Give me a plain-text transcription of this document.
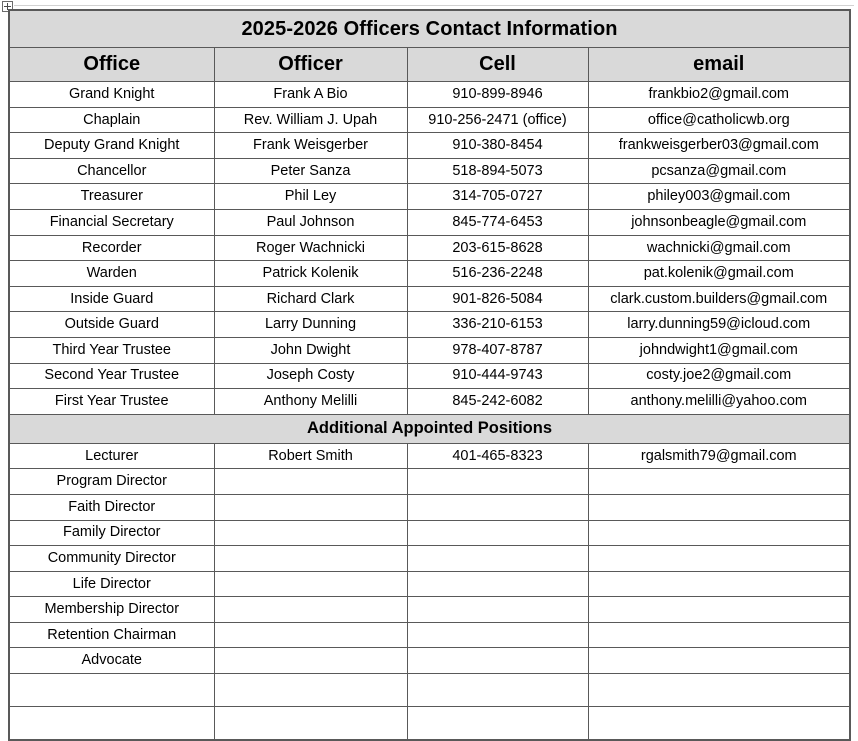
2025-2026 Officers Contact Information			
Office	Officer	Cell	email
Grand Knight	Frank A Bio	910-899-8946	frankbio2@gmail.com
Chaplain	Rev. William J. Upah	910-256-2471 (office)	office@catholicwb.org
Deputy Grand Knight	Frank Weisgerber	910-380-8454	frankweisgerber03@gmail.com
Chancellor	Peter Sanza	518-894-5073	pcsanza@gmail.com
Treasurer	Phil Ley	314-705-0727	philey003@gmail.com
Financial Secretary	Paul Johnson	845-774-6453	johnsonbeagle@gmail.com
Recorder	Roger Wachnicki	203-615-8628	wachnicki@gmail.com
Warden	Patrick Kolenik	516-236-2248	pat.kolenik@gmail.com
Inside Guard	Richard Clark	901-826-5084	clark.custom.builders@gmail.com
Outside Guard	Larry Dunning	336-210-6153	larry.dunning59@icloud.com
Third Year Trustee	John Dwight	978-407-8787	johndwight1@gmail.com
Second Year Trustee	Joseph Costy	910-444-9743	costy.joe2@gmail.com
First Year Trustee	Anthony Melilli	845-242-6082	anthony.melilli@yahoo.com
Additional Appointed Positions			
Lecturer	Robert Smith	401-465-8323	rgalsmith79@gmail.com
Program Director			
Faith Director			
Family Director			
Community Director			
Life Director			
Membership Director			
Retention Chairman			
Advocate			
